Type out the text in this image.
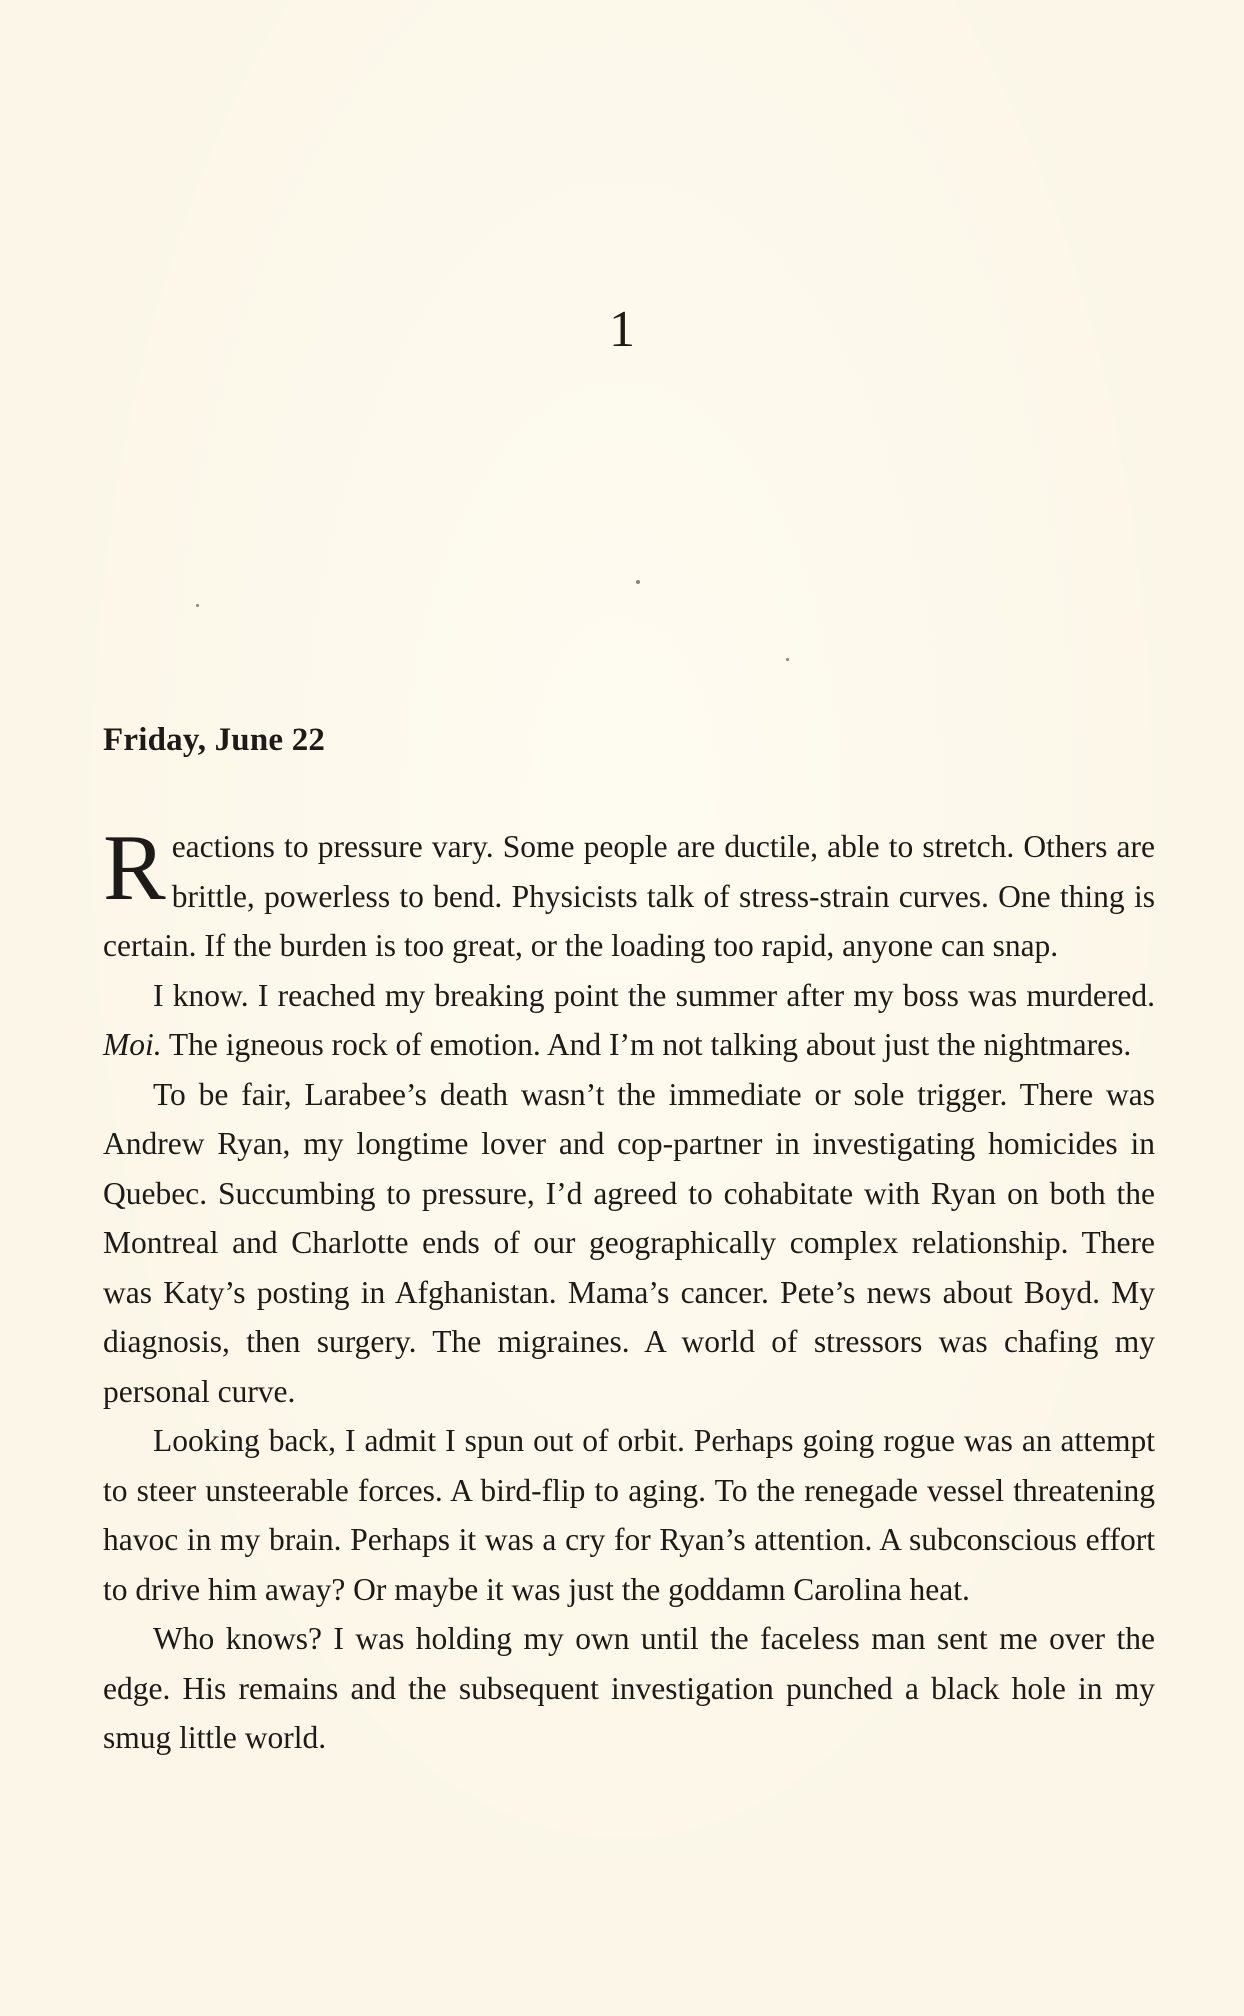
1
Friday, June 22

Reactions to pressure vary. Some people are ductile, able to stretch. Others are brittle, powerless to bend. Physicists talk of stress-strain curves. One thing is certain. If the burden is too great, or the loading too rapid, anyone can snap.

I know. I reached my breaking point the summer after my boss was murdered. Moi. The igneous rock of emotion. And I’m not talking about just the nightmares.

To be fair, Larabee’s death wasn’t the immediate or sole trigger. There was Andrew Ryan, my longtime lover and cop-partner in investigating homicides in Quebec. Succumbing to pressure, I’d agreed to cohabitate with Ryan on both the Montreal and Charlotte ends of our geographically complex relationship. There was Katy’s posting in Afghanistan. Mama’s cancer. Pete’s news about Boyd. My diagnosis, then surgery. The migraines. A world of stressors was chafing my personal curve.

Looking back, I admit I spun out of orbit. Perhaps going rogue was an attempt to steer unsteerable forces. A bird-flip to aging. To the renegade vessel threatening havoc in my brain. Perhaps it was a cry for Ryan’s attention. A subconscious effort to drive him away? Or maybe it was just the goddamn Carolina heat.

Who knows? I was holding my own until the faceless man sent me over the edge. His remains and the subsequent investigation punched a black hole in my smug little world.
